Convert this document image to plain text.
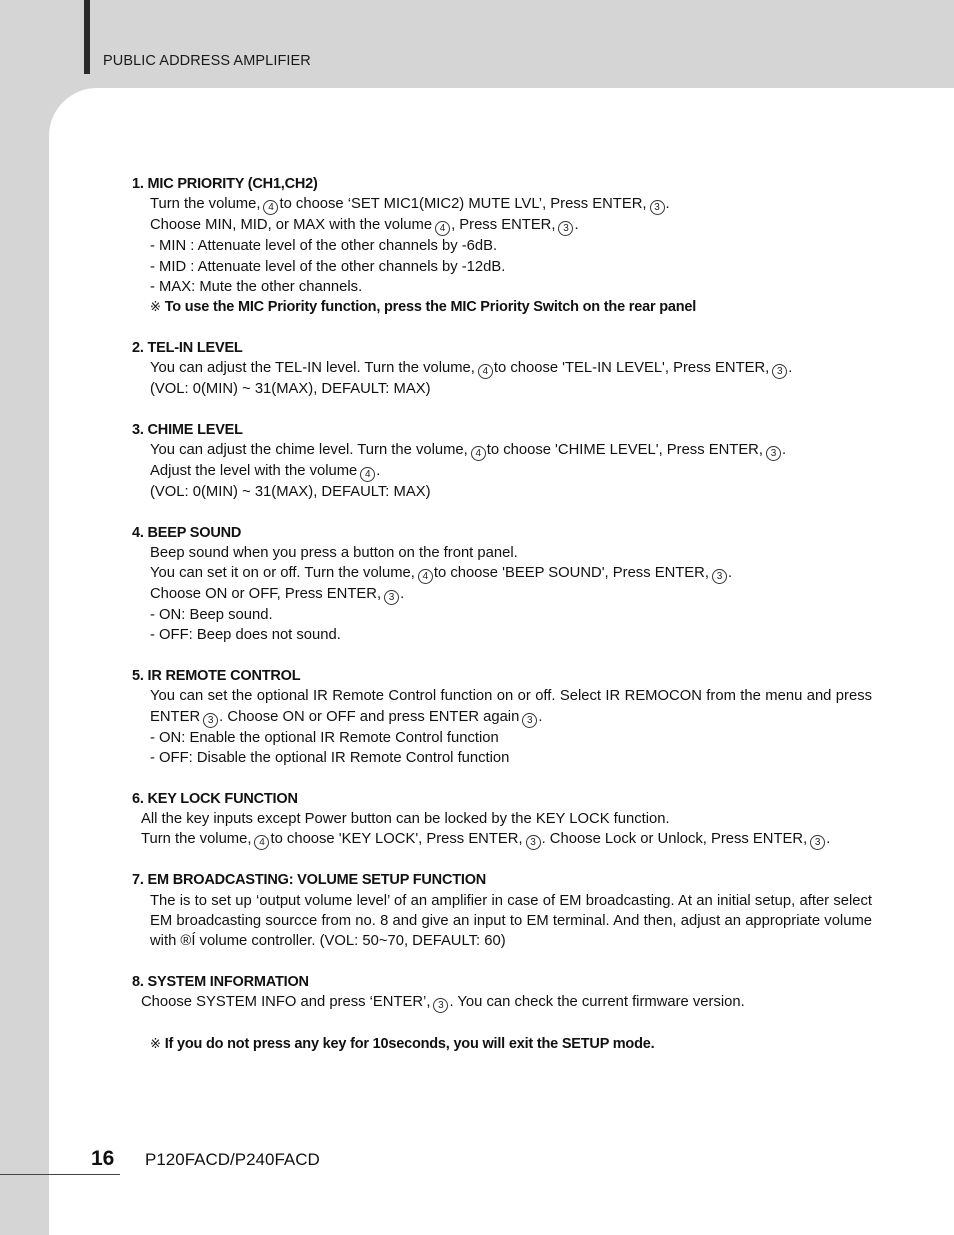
PUBLIC ADDRESS AMPLIFIER
1. MIC PRIORITY (CH1,CH2)
Turn the volume, 4 to choose ‘SET MIC1(MIC2) MUTE LVL’, Press ENTER, 3 .
Choose MIN, MID, or MAX with the volume 4 , Press ENTER, 3 .
- MIN : Attenuate level of the other channels by -6dB.
- MID : Attenuate level of the other channels by -12dB.
- MAX: Mute the other channels.
※ To use the MIC Priority function, press the MIC Priority Switch on the rear panel
2. TEL-IN LEVEL
You can adjust the TEL-IN level. Turn the volume, 4 to choose 'TEL-IN LEVEL', Press ENTER, 3 .
(VOL: 0(MIN) ~ 31(MAX), DEFAULT: MAX)
3. CHIME LEVEL
You can adjust the chime level. Turn the volume, 4 to choose 'CHIME LEVEL', Press ENTER, 3 .
Adjust the level with the volume 4 .
(VOL: 0(MIN) ~ 31(MAX), DEFAULT: MAX)
4. BEEP SOUND
Beep sound when you press a button on the front panel.
You can set it on or off. Turn the volume, 4 to choose 'BEEP SOUND', Press ENTER, 3 .
Choose ON or OFF, Press ENTER, 3 .
- ON: Beep sound.
- OFF: Beep does not sound.
5. IR REMOTE CONTROL
You can set the optional IR Remote Control function on or off. Select IR REMOCON from the menu and press ENTER 3 . Choose ON or OFF and press ENTER again 3 .
- ON: Enable the optional IR Remote Control function
- OFF: Disable the optional IR Remote Control function
6. KEY LOCK FUNCTION
All the key inputs except Power button can be locked by the KEY LOCK function.
Turn the volume, 4 to choose 'KEY LOCK', Press ENTER, 3 . Choose Lock or Unlock, Press ENTER, 3 .
7. EM BROADCASTING: VOLUME SETUP FUNCTION
The is to set up ‘output volume level’ of an amplifier in case of EM broadcasting. At an initial setup, after select EM broadcasting sourcce from no. 8 and give an input to EM terminal. And then, adjust an appropriate volume with ®Í volume controller. (VOL: 50~70, DEFAULT: 60)
8. SYSTEM INFORMATION
Choose SYSTEM INFO and press ‘ENTER’, 3 . You can check the current firmware version.
※ If you do not press any key for 10seconds, you will exit the SETUP mode.
16 P120FACD/P240FACD
